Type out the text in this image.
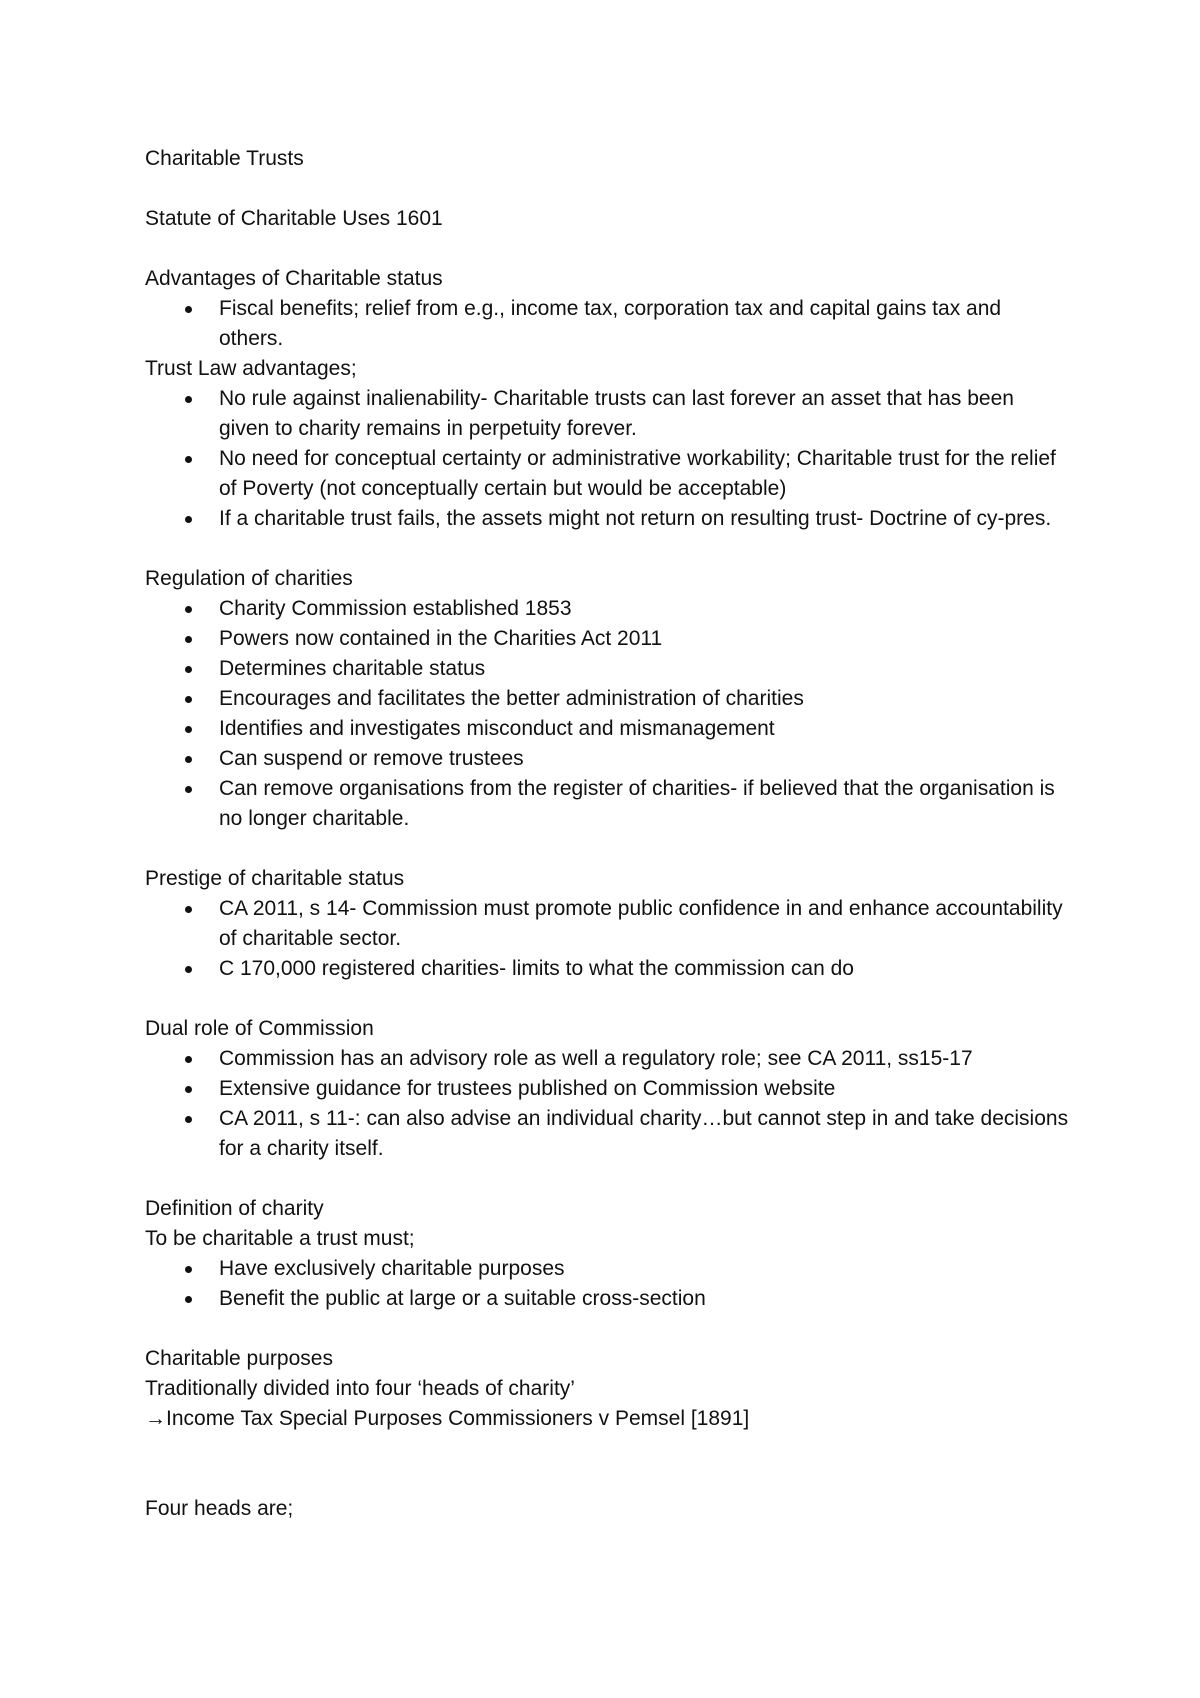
Charitable Trusts

Statute of Charitable Uses 1601

Advantages of Charitable status

Fiscal benefits; relief from e.g., income tax, corporation tax and capital gains tax and others.

Trust Law advantages;

No rule against inalienability- Charitable trusts can last forever an asset that has been given to charity remains in perpetuity forever.
No need for conceptual certainty or administrative workability; Charitable trust for the relief of Poverty (not conceptually certain but would be acceptable)
If a charitable trust fails, the assets might not return on resulting trust- Doctrine of cy-pres.

Regulation of charities

Charity Commission established 1853
Powers now contained in the Charities Act 2011
Determines charitable status
Encourages and facilitates the better administration of charities
Identifies and investigates misconduct and mismanagement
Can suspend or remove trustees
Can remove organisations from the register of charities- if believed that the organisation is no longer charitable.

Prestige of charitable status

CA 2011, s 14- Commission must promote public confidence in and enhance accountability of charitable sector.
C 170,000 registered charities- limits to what the commission can do

Dual role of Commission

Commission has an advisory role as well a regulatory role; see CA 2011, ss15-17
Extensive guidance for trustees published on Commission website
CA 2011, s 11-: can also advise an individual charity…but cannot step in and take decisions for a charity itself.

Definition of charity

To be charitable a trust must;

Have exclusively charitable purposes
Benefit the public at large or a suitable cross-section

Charitable purposes

Traditionally divided into four ‘heads of charity’

→Income Tax Special Purposes Commissioners v Pemsel [1891]

Four heads are;
